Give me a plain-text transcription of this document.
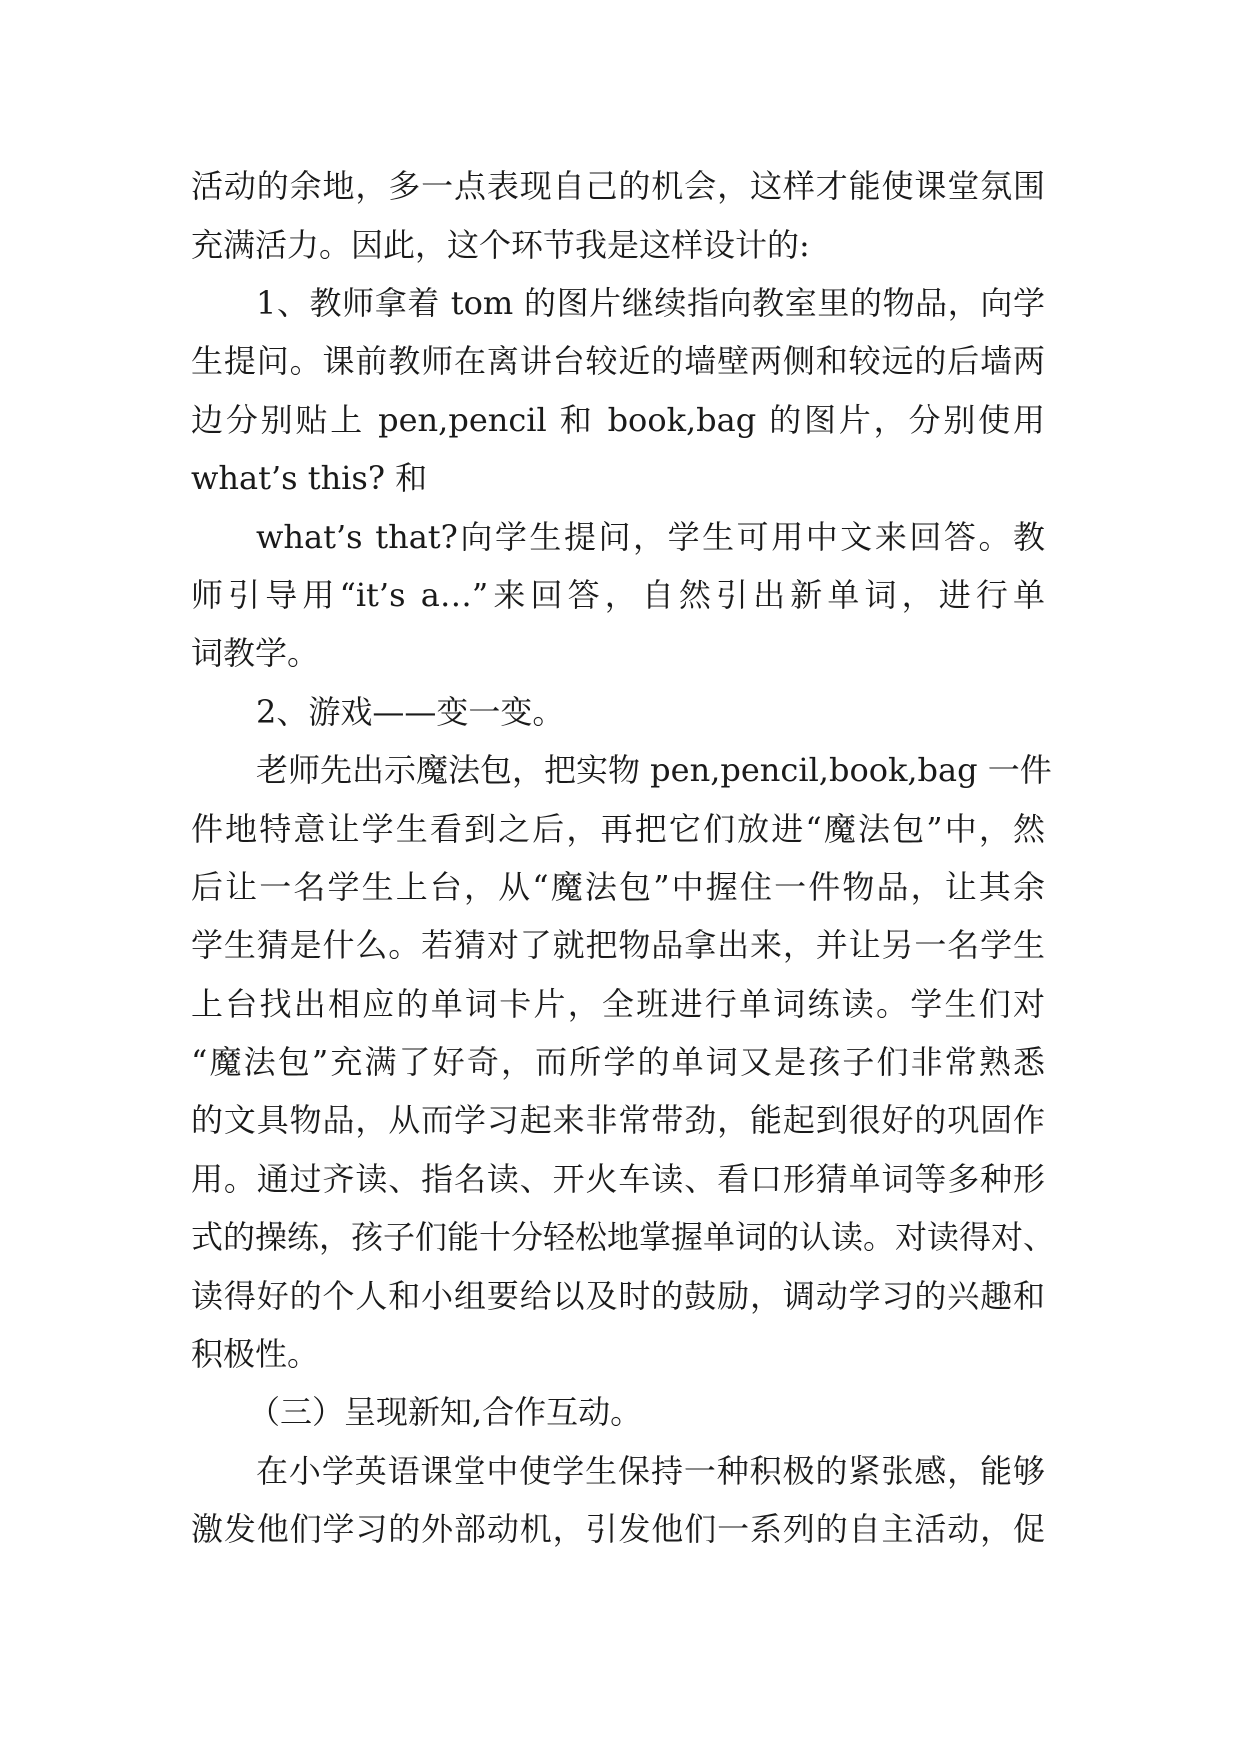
活动的余地，多一点表现自己的机会，这样才能使课堂氛围
充满活力。因此，这个环节我是这样设计的:
1、教师拿着 tom 的图片继续指向教室里的物品，向学
生提问。课前教师在离讲台较近的墙壁两侧和较远的后墙两
边分别贴上 pen,pencil 和 book,bag 的图片，分别使用
what’s this? 和
what’s that?向学生提问，学生可用中文来回答。教
师引导用“it’s a…”来回答，自然引出新单词，进行单
词教学。
2、游戏——变一变。
老师先出示魔法包，把实物 pen,pencil,book,bag 一件
件地特意让学生看到之后，再把它们放进“魔法包”中，然
后让一名学生上台，从“魔法包”中握住一件物品，让其余
学生猜是什么。若猜对了就把物品拿出来，并让另一名学生
上台找出相应的单词卡片，全班进行单词练读。学生们对
“魔法包”充满了好奇，而所学的单词又是孩子们非常熟悉
的文具物品，从而学习起来非常带劲，能起到很好的巩固作
用。通过齐读、指名读、开火车读、看口形猜单词等多种形
式的操练，孩子们能十分轻松地掌握单词的认读。对读得对、
读得好的个人和小组要给以及时的鼓励，调动学习的兴趣和
积极性。
（三）呈现新知,合作互动。
在小学英语课堂中使学生保持一种积极的紧张感，能够
激发他们学习的外部动机，引发他们一系列的自主活动，促
